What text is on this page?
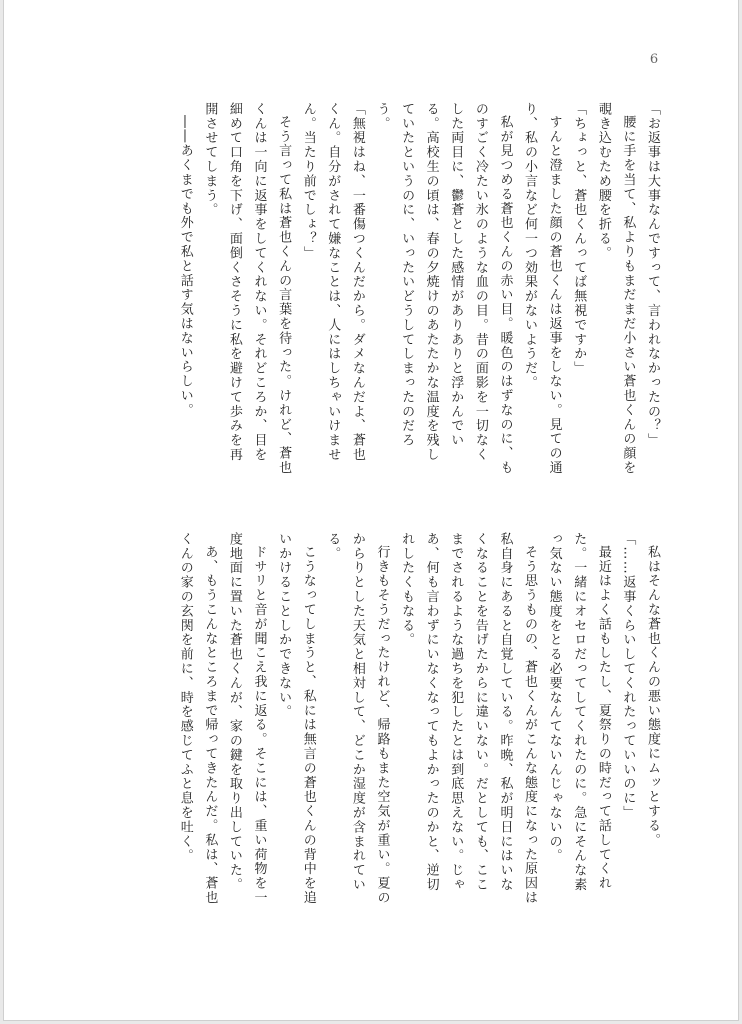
6

「お返事は大事なんですって、言われなかったの？」

腰に手を当て、私よりもまだまだ小さい蒼也くんの顔を覗き込むため腰を折る。

「ちょっと、蒼也くんってば無視ですか」

すんと澄ました顔の蒼也くんは返事をしない。見ての通り、私の小言など何一つ効果がないようだ。

私が見つめる蒼也くんの赤い目。暖色のはずなのに、ものすごく冷たい氷のような血の目。昔の面影を一切なくした両目に、鬱蒼とした感情がありありと浮かんでいる。高校生の頃は、春の夕焼けのあたたかな温度を残していたというのに、いったいどうしてしまったのだろう。

「無視はね、一番傷つくんだから。ダメなんだよ、蒼也くん。自分がされて嫌なことは、人にはしちゃいけません。当たり前でしょ？」

そう言って私は蒼也くんの言葉を待った。けれど、蒼也くんは一向に返事をしてくれない。それどころか、目を細めて口角を下げ、面倒くさそうに私を避けて歩みを再開させてしまう。

――あくまでも外で私と話す気はないらしい。

私はそんな蒼也くんの悪い態度にムッとする。

「……返事くらいしてくれたっていいのに」

最近はよく話もしたし、夏祭りの時だって話してくれた。一緒にオセロだってしてくれたのに。急にそんな素っ気ない態度をとる必要なんてないんじゃないの。

そう思うものの、蒼也くんがこんな態度になった原因は私自身にあると自覚している。昨晩、私が明日にはいなくなることを告げたからに違いない。だとしても、ここまでされるような過ちを犯したとは到底思えない。じゃあ、何も言わずにいなくなってもよかったのかと、逆切れしたくもなる。

行きもそうだったけれど、帰路もまた空気が重い。夏のからりとした天気と相対して、どこか湿度が含まれている。

こうなってしまうと、私には無言の蒼也くんの背中を追いかけることしかできない。

ドサリと音が聞こえ我に返る。そこには、重い荷物を一度地面に置いた蒼也くんが、家の鍵を取り出していた。

あ、もうこんなところまで帰ってきたんだ。私は、蒼也くんの家の玄関を前に、時を感じてふと息を吐く。
